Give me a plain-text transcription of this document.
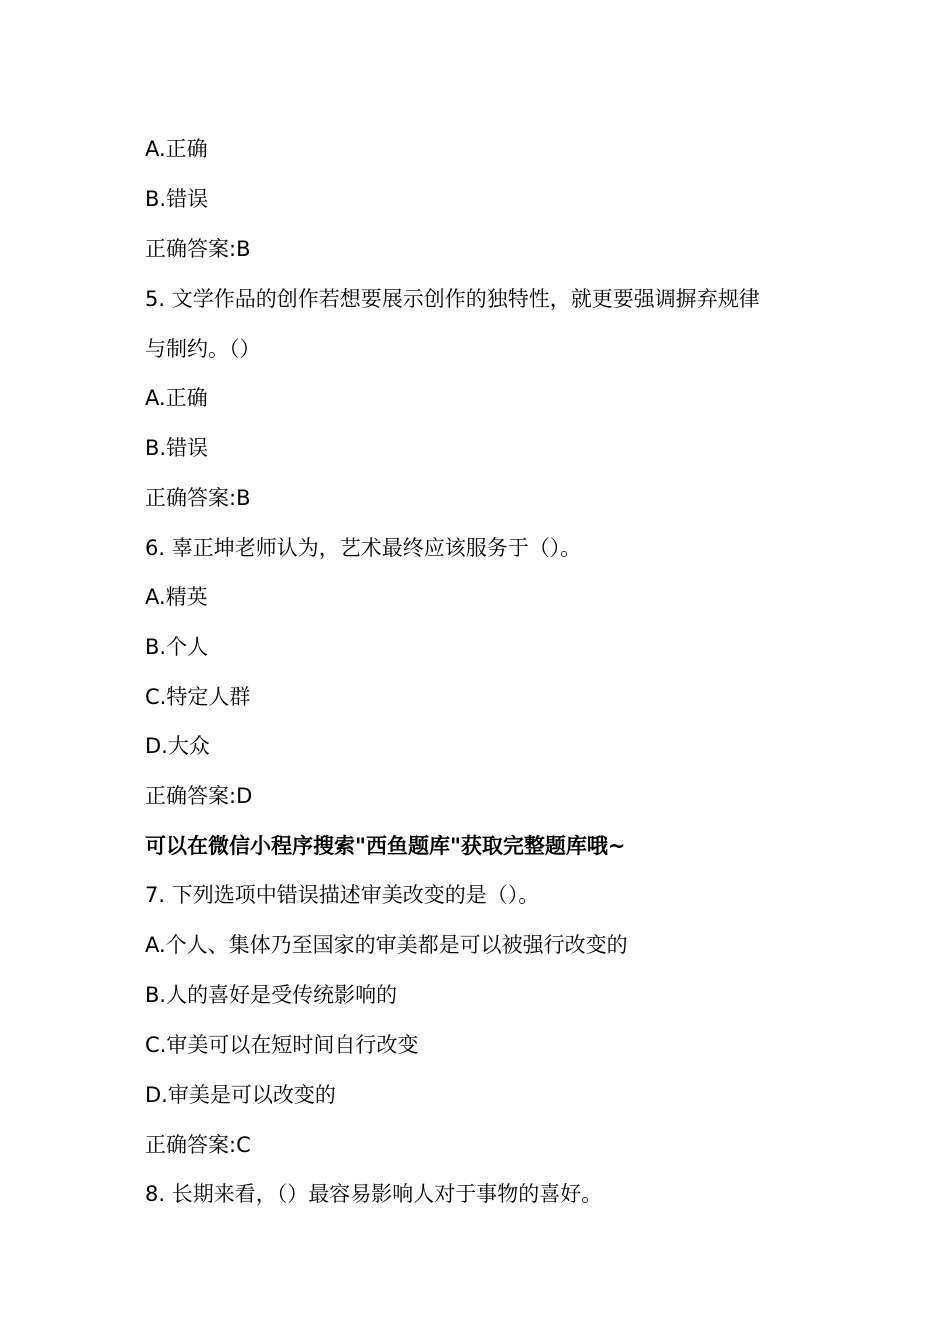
A.正确
B.错误
正确答案:B
5. 文学作品的创作若想要展示创作的独特性，就更要强调摒弃规律
与制约。（）
A.正确
B.错误
正确答案:B
6. 辜正坤老师认为，艺术最终应该服务于（）。
A.精英
B.个人
C.特定人群
D.大众
正确答案:D
可以在微信小程序搜索"西鱼题库"获取完整题库哦~
7. 下列选项中错误描述审美改变的是（）。
A.个人、集体乃至国家的审美都是可以被强行改变的
B.人的喜好是受传统影响的
C.审美可以在短时间自行改变
D.审美是可以改变的
正确答案:C
8. 长期来看，（）最容易影响人对于事物的喜好。
